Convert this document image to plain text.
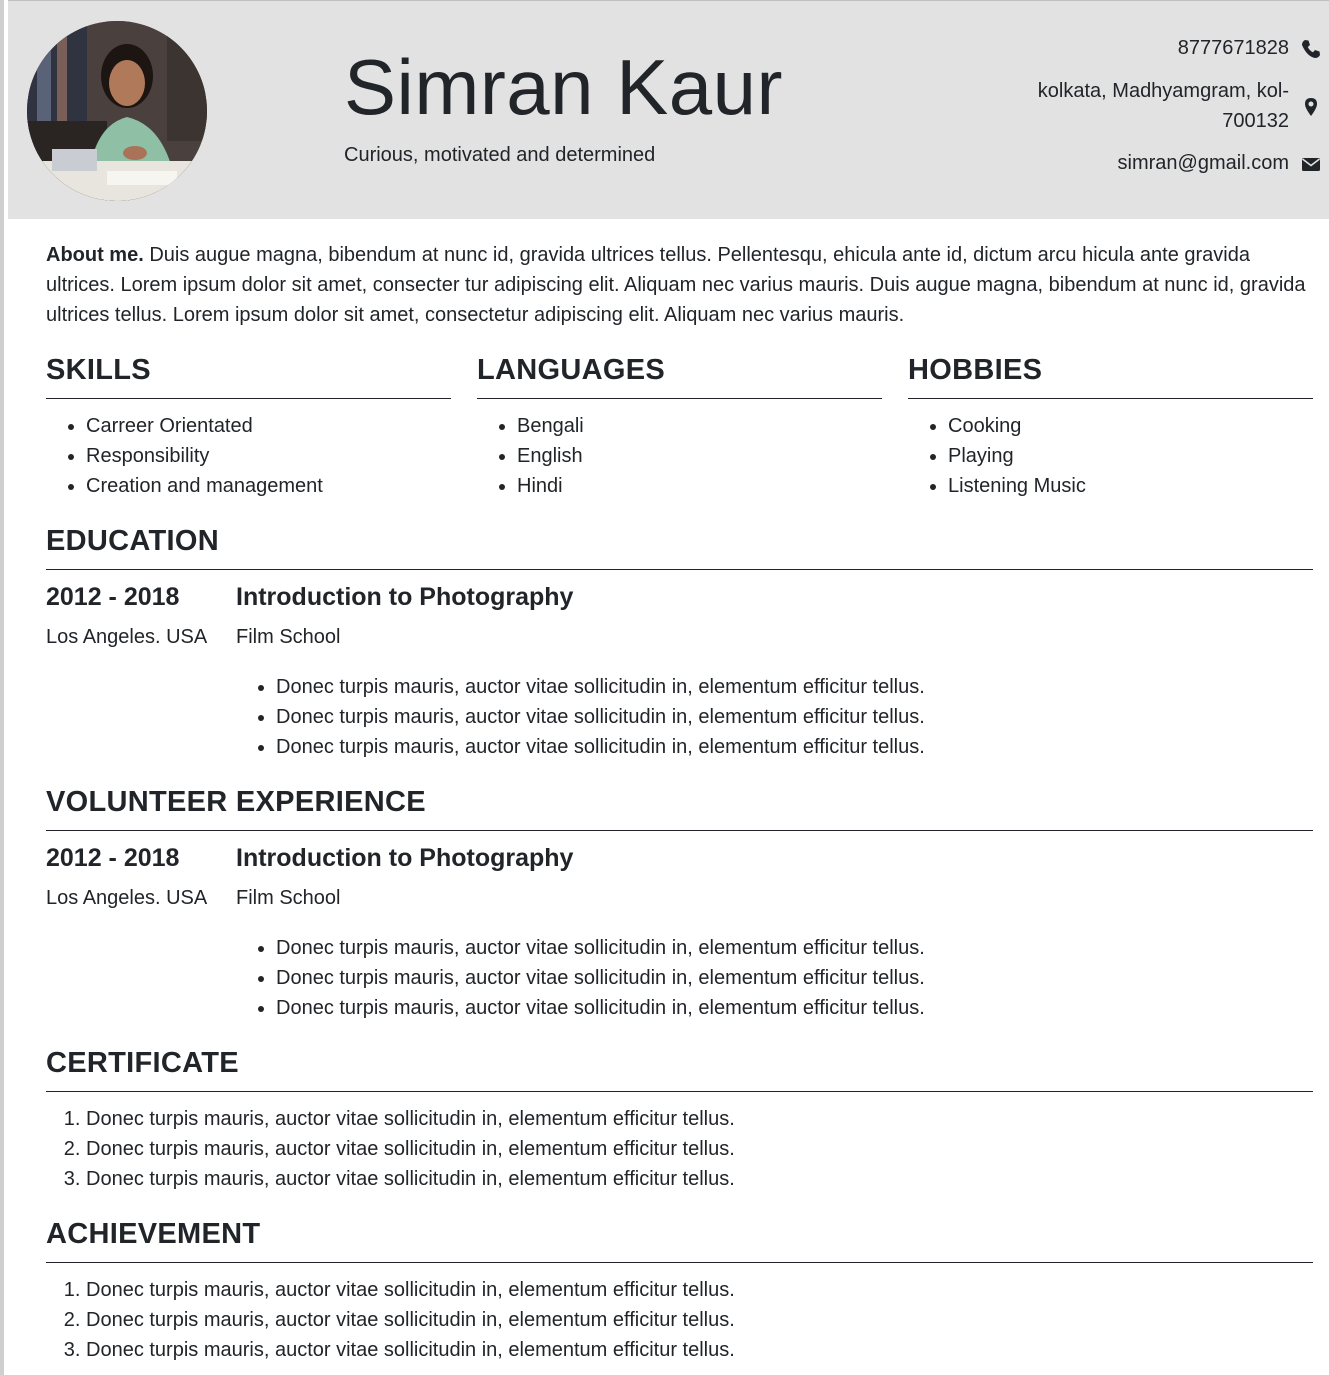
Simran Kaur
Curious, motivated and determined
8777671828
kolkata, Madhyamgram, kol-700132
simran@gmail.com

About me. Duis augue magna, bibendum at nunc id, gravida ultrices tellus. Pellentesqu, ehicula ante id, dictum arcu hicula ante gravida ultrices. Lorem ipsum dolor sit amet, consecter tur adipiscing elit. Aliquam nec varius mauris. Duis augue magna, bibendum at nunc id, gravida ultrices tellus. Lorem ipsum dolor sit amet, consectetur adipiscing elit. Aliquam nec varius mauris.

SKILLS
• Carreer Orientated
• Responsibility
• Creation and management
LANGUAGES
• Bengali
• English
• Hindi
HOBBIES
• Cooking
• Playing
• Listening Music
EDUCATION
2012 - 2018
Los Angeles. USA
Introduction to Photography
Film School
• Donec turpis mauris, auctor vitae sollicitudin in, elementum efficitur tellus.
• Donec turpis mauris, auctor vitae sollicitudin in, elementum efficitur tellus.
• Donec turpis mauris, auctor vitae sollicitudin in, elementum efficitur tellus.
VOLUNTEER EXPERIENCE
2012 - 2018
Los Angeles. USA
Introduction to Photography
Film School
• Donec turpis mauris, auctor vitae sollicitudin in, elementum efficitur tellus.
• Donec turpis mauris, auctor vitae sollicitudin in, elementum efficitur tellus.
• Donec turpis mauris, auctor vitae sollicitudin in, elementum efficitur tellus.
CERTIFICATE
1. Donec turpis mauris, auctor vitae sollicitudin in, elementum efficitur tellus.
2. Donec turpis mauris, auctor vitae sollicitudin in, elementum efficitur tellus.
3. Donec turpis mauris, auctor vitae sollicitudin in, elementum efficitur tellus.
ACHIEVEMENT
1. Donec turpis mauris, auctor vitae sollicitudin in, elementum efficitur tellus.
2. Donec turpis mauris, auctor vitae sollicitudin in, elementum efficitur tellus.
3. Donec turpis mauris, auctor vitae sollicitudin in, elementum efficitur tellus.
